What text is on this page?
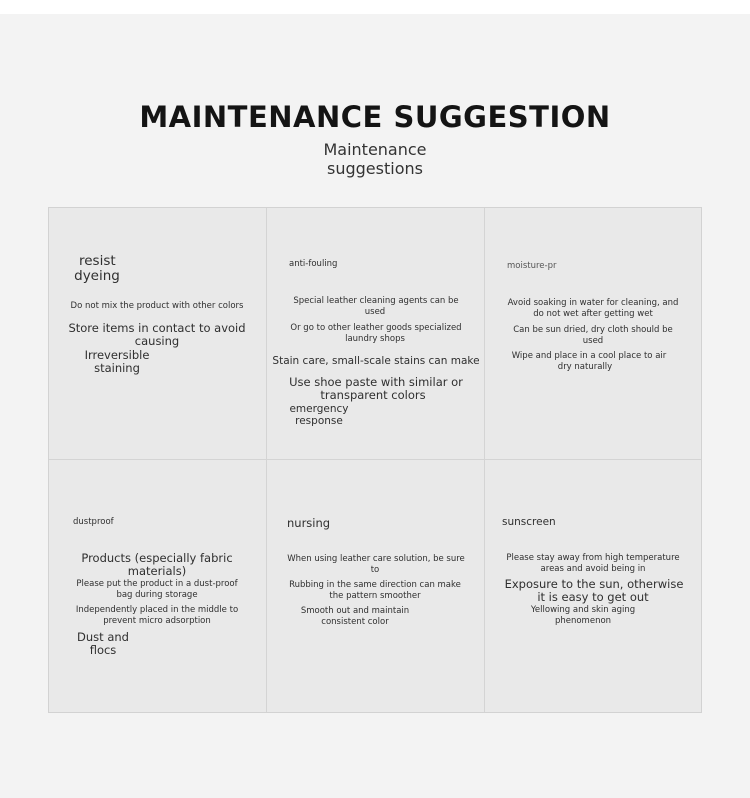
MAINTENANCE SUGGESTION
Maintenance
suggestions
resist
dyeing
Do not mix the product with other colors
Store items in contact to avoid
causing
Irreversible
staining
anti-fouling
Special leather cleaning agents can be
used
Or go to other leather goods specialized
laundry shops
Stain care, small-scale stains can make
Use shoe paste with similar or
transparent colors
emergency
response
moisture-pr
Avoid soaking in water for cleaning, and
do not wet after getting wet
Can be sun dried, dry cloth should be
used
Wipe and place in a cool place to air
dry naturally
dustproof
Products (especially fabric
materials)
Please put the product in a dust-proof
bag during storage
Independently placed in the middle to
prevent micro adsorption
Dust and
flocs
nursing
When using leather care solution, be sure
to
Rubbing in the same direction can make
the pattern smoother
Smooth out and maintain
consistent color
sunscreen
Please stay away from high temperature
areas and avoid being in
Exposure to the sun, otherwise
it is easy to get out
Yellowing and skin aging
phenomenon
